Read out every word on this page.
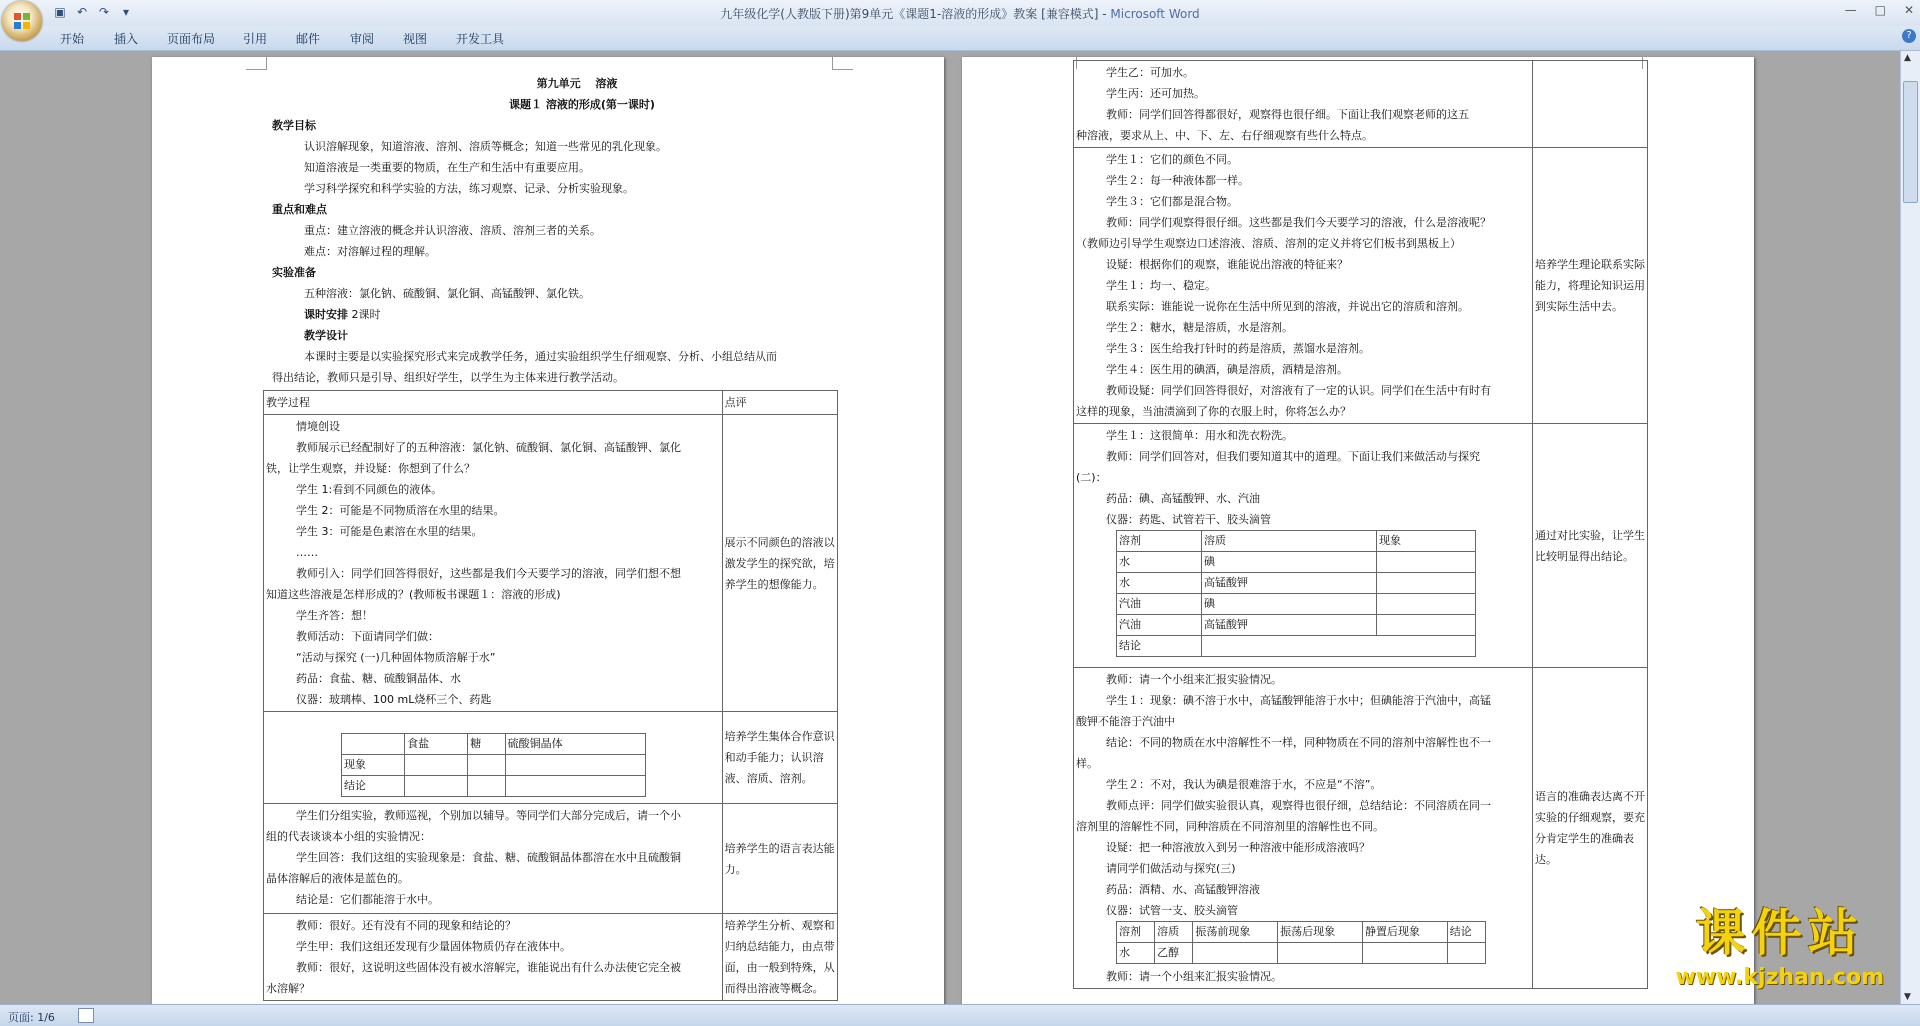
▣ ↶ ↷	▾	九年级化学(人教版下册)第9单元《课题1-溶液的形成》教案 [兼容模式] - Microsoft Word	— □ ✕
开始 插入 页面布局 引用 邮件 审阅 视图 开发工具	?
第九单元　 溶液
课题１ 溶液的形成(第一课时)
教学目标
认识溶解现象，知道溶液、溶剂、溶质等概念；知道一些常见的乳化现象。
知道溶液是一类重要的物质，在生产和生活中有重要应用。
学习科学探究和科学实验的方法，练习观察、记录、分析实验现象。
重点和难点
重点：建立溶液的概念并认识溶液、溶质、溶剂三者的关系。
难点：对溶解过程的理解。
实验准备
五种溶液：氯化钠、硫酸铜、氯化铜、高锰酸钾、氯化铁。
课时安排 2课时
教学设计
本课时主要是以实验探究形式来完成教学任务，通过实验组织学生仔细观察、分析、小组总结从而
得出结论，教师只是引导、组织好学生，以学生为主体来进行教学活动。
教学过程	点评

情境创设
教师展示已经配制好了的五种溶液：氯化钠、硫酸铜、氯化铜、高锰酸钾、氯化
铁，让学生观察，并设疑：你想到了什么？
学生 1:看到不同颜色的液体。
学生 2：可能是不同物质溶在水里的结果。
学生 3：可能是色素溶在水里的结果。
……
教师引入：同学们回答得很好，这些都是我们今天要学习的溶液，同学们想不想
知道这些溶液是怎样形成的？(教师板书课题１：溶液的形成)
学生齐答：想！
教师活动：下面请同学们做：
“活动与探究 (一)几种固体物质溶解于水”
药品：食盐、糖、硫酸铜晶体、水
仪器：玻璃棒、100 mL烧杯三个、药匙
	展示不同颜色的溶液以激发学生的探究欲，培养学生的想像能力。

	食盐	糖	硫酸铜晶体
现象			
结论			
	培养学生集体合作意识和动手能力；认识溶液、溶质、溶剂。

学生们分组实验，教师巡视，个别加以辅导。等同学们大部分完成后，请一个小
组的代表谈谈本小组的实验情况：
学生回答：我们这组的实验现象是：食盐、糖、硫酸铜晶体都溶在水中且硫酸铜
晶体溶解后的液体是蓝色的。
结论是：它们都能溶于水中。
	培养学生的语言表达能力。

教师：很好。还有没有不同的现象和结论的？
学生甲：我们这组还发现有少量固体物质仍存在液体中。
教师：很好，这说明这些固体没有被水溶解完，谁能说出有什么办法使它完全被
水溶解？
	培养学生分析、观察和归纳总结能力，由点带面，由一般到特殊，从而得出溶液等概念。
学生乙：可加水。
学生丙：还可加热。
教师：同学们回答得都很好，观察得也很仔细。下面让我们观察老师的这五
种溶液，要求从上、中、下、左、右仔细观察有些什么特点。

学生１：它们的颜色不同。
学生２：每一种液体都一样。
学生３：它们都是混合物。
教师：同学们观察得很仔细。这些都是我们今天要学习的溶液，什么是溶液呢？
（教师边引导学生观察边口述溶液、溶质、溶剂的定义并将它们板书到黑板上）
设疑：根据你们的观察，谁能说出溶液的特征来？
学生１：均一、稳定。
联系实际：谁能说一说你在生活中所见到的溶液，并说出它的溶质和溶剂。
学生２：糖水，糖是溶质，水是溶剂。
学生３：医生给我打针时的药是溶质，蒸馏水是溶剂。
学生４：医生用的碘酒，碘是溶质，酒精是溶剂。
教师设疑：同学们回答得很好，对溶液有了一定的认识。同学们在生活中有时有
这样的现象，当油渍滴到了你的衣服上时，你将怎么办？
	培养学生理论联系实际能力，将理论知识运用到实际生活中去。

学生１：这很简单：用水和洗衣粉洗。
教师：同学们回答对，但我们要知道其中的道理。下面让我们来做活动与探究
(二)：
药品：碘、高锰酸钾、水、汽油
仪器：药匙、试管若干、胶头滴管
溶剂	溶质	现象
水	碘	
水	高锰酸钾	
汽油	碘	
汽油	高锰酸钾	
结论	
	通过对比实验，让学生比较明显得出结论。

教师：请一个小组来汇报实验情况。
学生１：现象：碘不溶于水中，高锰酸钾能溶于水中；但碘能溶于汽油中，高锰
酸钾不能溶于汽油中
结论：不同的物质在水中溶解性不一样，同种物质在不同的溶剂中溶解性也不一
样。
学生２：不对，我认为碘是很难溶于水，不应是“不溶”。
教师点评：同学们做实验很认真，观察得也很仔细，总结结论：不同溶质在同一
溶剂里的溶解性不同，同种溶质在不同溶剂里的溶解性也不同。
设疑：把一种溶液放入到另一种溶液中能形成溶液吗？
请同学们做活动与探究(三)
药品：酒精、水、高锰酸钾溶液
仪器：试管一支、胶头滴管
溶剂	溶质	振荡前现象	振荡后现象	静置后现象	结论
水	乙醇				
教师：请一个小组来汇报实验情况。
	语言的准确表达离不开实验的仔细观察，要充分肯定学生的准确表达。
课件站
www.kjzhan.com
▲
▼
页面: 1/6
